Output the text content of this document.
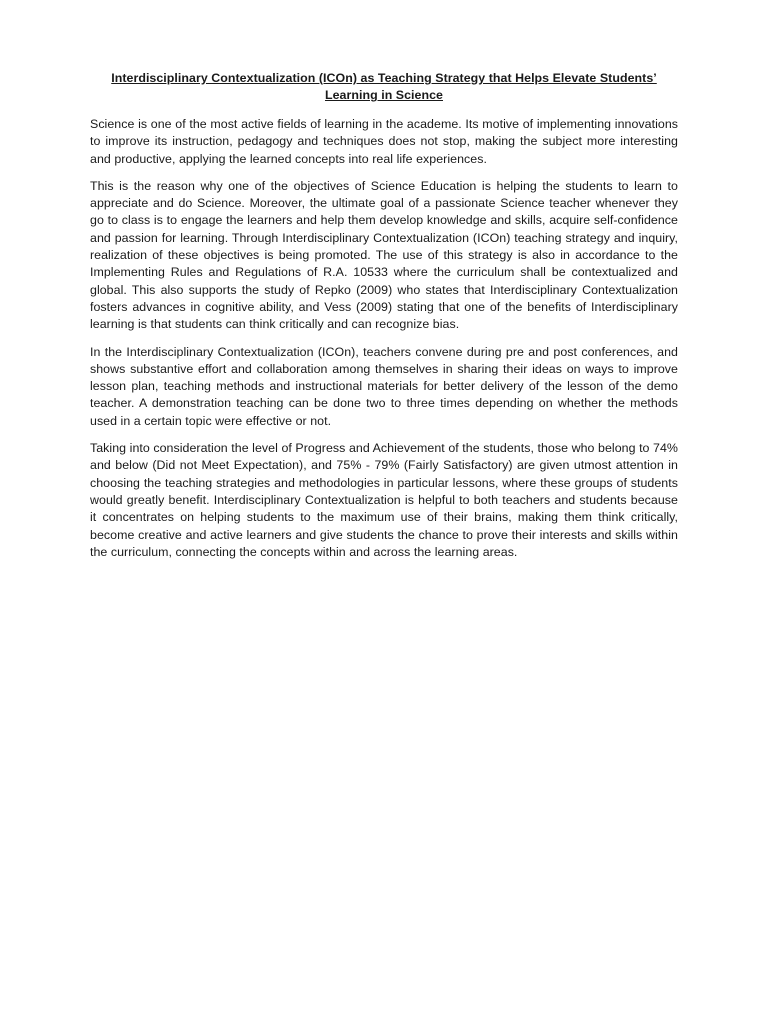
Interdisciplinary Contextualization (ICOn) as Teaching Strategy that Helps Elevate Students’ Learning in Science

Science is one of the most active fields of learning in the academe. Its motive of implementing innovations to improve its instruction, pedagogy and techniques does not stop, making the subject more interesting and productive, applying the learned concepts into real life experiences.

This is the reason why one of the objectives of Science Education is helping the students to learn to appreciate and do Science. Moreover, the ultimate goal of a passionate Science teacher whenever they go to class is to engage the learners and help them develop knowledge and skills, acquire self-confidence and passion for learning. Through Interdisciplinary Contextualization (ICOn) teaching strategy and inquiry, realization of these objectives is being promoted. The use of this strategy is also in accordance to the Implementing Rules and Regulations of R.A. 10533 where the curriculum shall be contextualized and global. This also supports the study of Repko (2009) who states that Interdisciplinary Contextualization fosters advances in cognitive ability, and Vess (2009) stating that one of the benefits of Interdisciplinary learning is that students can think critically and can recognize bias.

In the Interdisciplinary Contextualization (ICOn), teachers convene during pre and post conferences, and shows substantive effort and collaboration among themselves in sharing their ideas on ways to improve lesson plan, teaching methods and instructional materials for better delivery of the lesson of the demo teacher. A demonstration teaching can be done two to three times depending on whether the methods used in a certain topic were effective or not.

Taking into consideration the level of Progress and Achievement of the students, those who belong to 74% and below (Did not Meet Expectation), and 75% - 79% (Fairly Satisfactory) are given utmost attention in choosing the teaching strategies and methodologies in particular lessons, where these groups of students would greatly benefit. Interdisciplinary Contextualization is helpful to both teachers and students because it concentrates on helping students to the maximum use of their brains, making them think critically, become creative and active learners and give students the chance to prove their interests and skills within the curriculum, connecting the concepts within and across the learning areas.
